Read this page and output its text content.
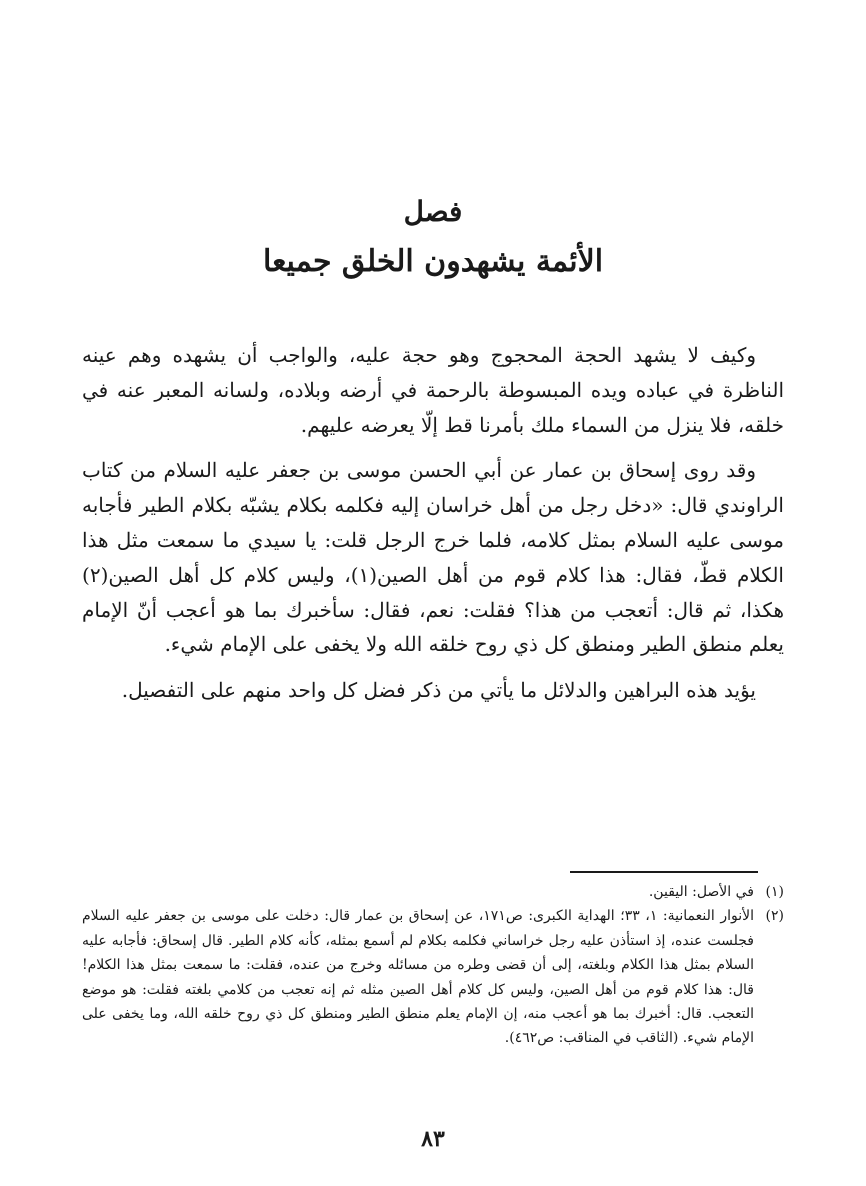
فصل
الأئمة يشهدون الخلق جميعا

وكيف لا يشهد الحجة المحجوج وهو حجة عليه، والواجب أن يشهده وهم عينه الناظرة في عباده ويده المبسوطة بالرحمة في أرضه وبلاده، ولسانه المعبر عنه في خلقه، فلا ينزل من السماء ملك بأمرنا قط إلّا يعرضه عليهم.

وقد روى إسحاق بن عمار عن أبي الحسن موسى بن جعفر عليه السلام من كتاب الراوندي قال: «دخل رجل من أهل خراسان إليه فكلمه بكلام يشبّه بكلام الطير فأجابه موسى عليه السلام بمثل كلامه، فلما خرج الرجل قلت: يا سيدي ما سمعت مثل هذا الكلام قطّ، فقال: هذا كلام قوم من أهل الصين(١)، وليس كلام كل أهل الصين(٢) هكذا، ثم قال: أتعجب من هذا؟ فقلت: نعم، فقال: سأخبرك بما هو أعجب أنّ الإمام يعلم منطق الطير ومنطق كل ذي روح خلقه الله ولا يخفى على الإمام شيء.

يؤيد هذه البراهين والدلائل ما يأتي من ذكر فضل كل واحد منهم على التفصيل.

(١)
في الأصل: اليقين.
(٢)
الأنوار النعمانية: ١، ٣٣؛ الهداية الكبرى: ص١٧١، عن إسحاق بن عمار قال: دخلت على موسى بن جعفر عليه السلام فجلست عنده، إذ استأذن عليه رجل خراساني فكلمه بكلام لم أسمع بمثله، كأنه كلام الطير. قال إسحاق: فأجابه عليه السلام بمثل هذا الكلام وبلغته، إلى أن قضى وطره من مسائله وخرج من عنده، فقلت: ما سمعت بمثل هذا الكلام! قال: هذا كلام قوم من أهل الصين، وليس كل كلام أهل الصين مثله ثم إنه تعجب من كلامي بلغته فقلت: هو موضع التعجب. قال: أخبرك بما هو أعجب منه، إن الإمام يعلم منطق الطير ومنطق كل ذي روح خلقه الله، وما يخفى على الإمام شيء. (الثاقب في المناقب: ص٤٦٢).
٨٣
